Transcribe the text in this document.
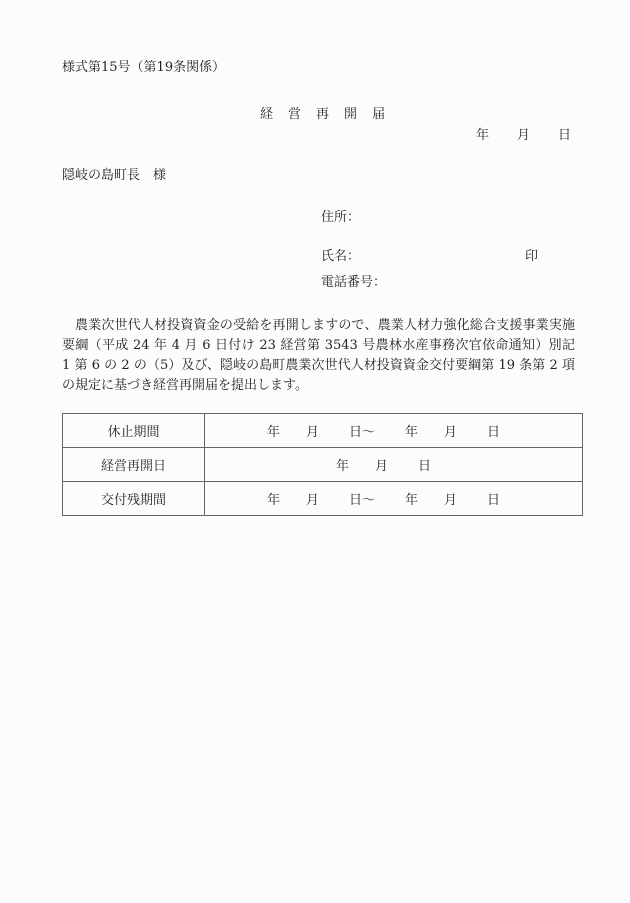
様式第15号（第19条関係）
経 営 再 開 届
年 月 日
隠岐の島町長　様
住所：
氏名：	印
電話番号：

農業次世代人材投資資金の受給を再開しますので、農業人材力強化総合支援事業実施要綱（平成 24 年 4 月 6 日付け 23 経営第 3543 号農林水産事務次官依命通知）別記 1 第 6 の 2 の（5）及び、隠岐の島町農業次世代人材投資資金交付要綱第 19 条第 2 項の規定に基づき経営再開届を提出します。

休止期間	年 月 日〜 年 月 日

経営再開日	年 月 日

交付残期間	年 月 日〜 年 月 日
